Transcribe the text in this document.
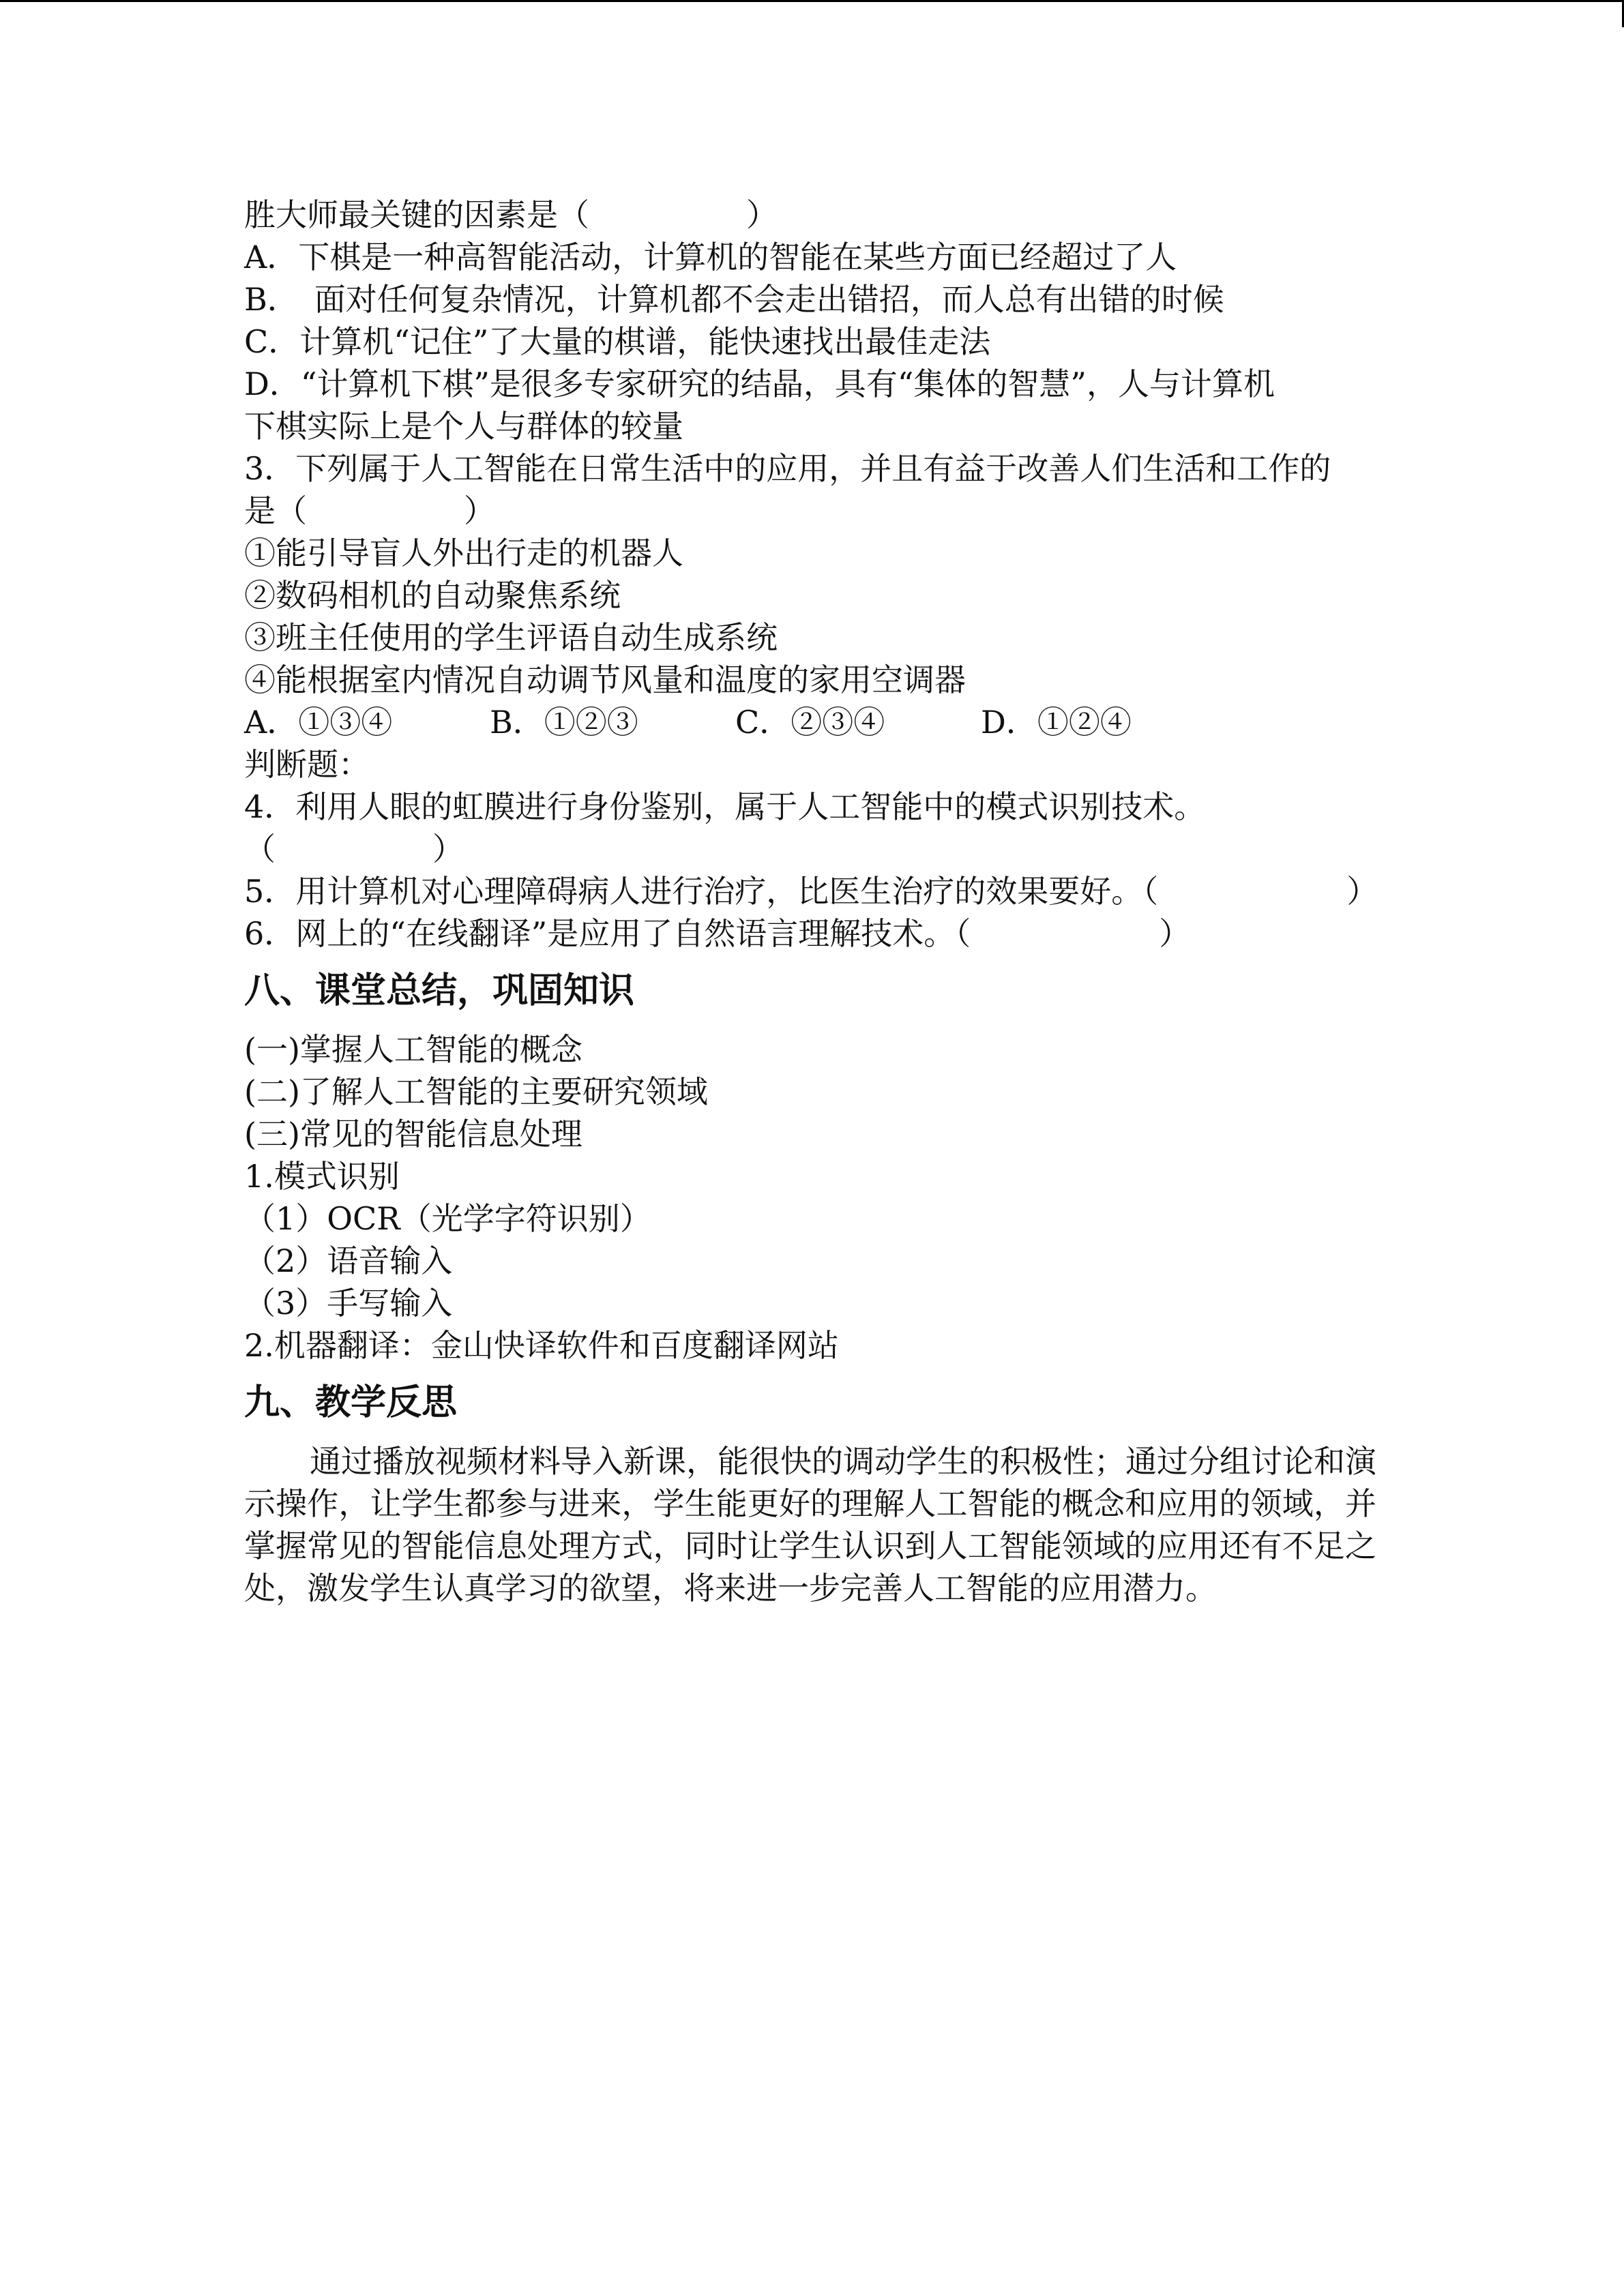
胜大师最关键的因素是（　　　　　）
A．下棋是一种高智能活动，计算机的智能在某些方面已经超过了人
B．　面对任何复杂情况，计算机都不会走出错招，而人总有出错的时候
C．计算机“记住”了大量的棋谱，能快速找出最佳走法
D．“计算机下棋”是很多专家研究的结晶，具有“集体的智慧”，人与计算机
下棋实际上是个人与群体的较量
3．下列属于人工智能在日常生活中的应用，并且有益于改善人们生活和工作的
是（　　　　　）
①能引导盲人外出行走的机器人
②数码相机的自动聚焦系统
③班主任使用的学生评语自动生成系统
④能根据室内情况自动调节风量和温度的家用空调器
A．①③④	B．①②③	C．②③④	D．①②④
判断题：
4．利用人眼的虹膜进行身份鉴别，属于人工智能中的模式识别技术。
（　　　　　）
5．用计算机对心理障碍病人进行治疗，比医生治疗的效果要好。（　　　　　　）
6．网上的“在线翻译”是应用了自然语言理解技术。（　　　　　　）
八、课堂总结，巩固知识
(一)掌握人工智能的概念
(二)了解人工智能的主要研究领域
(三)常见的智能信息处理
1.模式识别
（1）OCR（光学字符识别）
（2）语音输入
（3）手写输入
2.机器翻译：金山快译软件和百度翻译网站
九、教学反思
通过播放视频材料导入新课，能很快的调动学生的积极性；通过分组讨论和演示操作，让学生都参与进来，学生能更好的理解人工智能的概念和应用的领域，并掌握常见的智能信息处理方式，同时让学生认识到人工智能领域的应用还有不足之处，激发学生认真学习的欲望，将来进一步完善人工智能的应用潜力。
